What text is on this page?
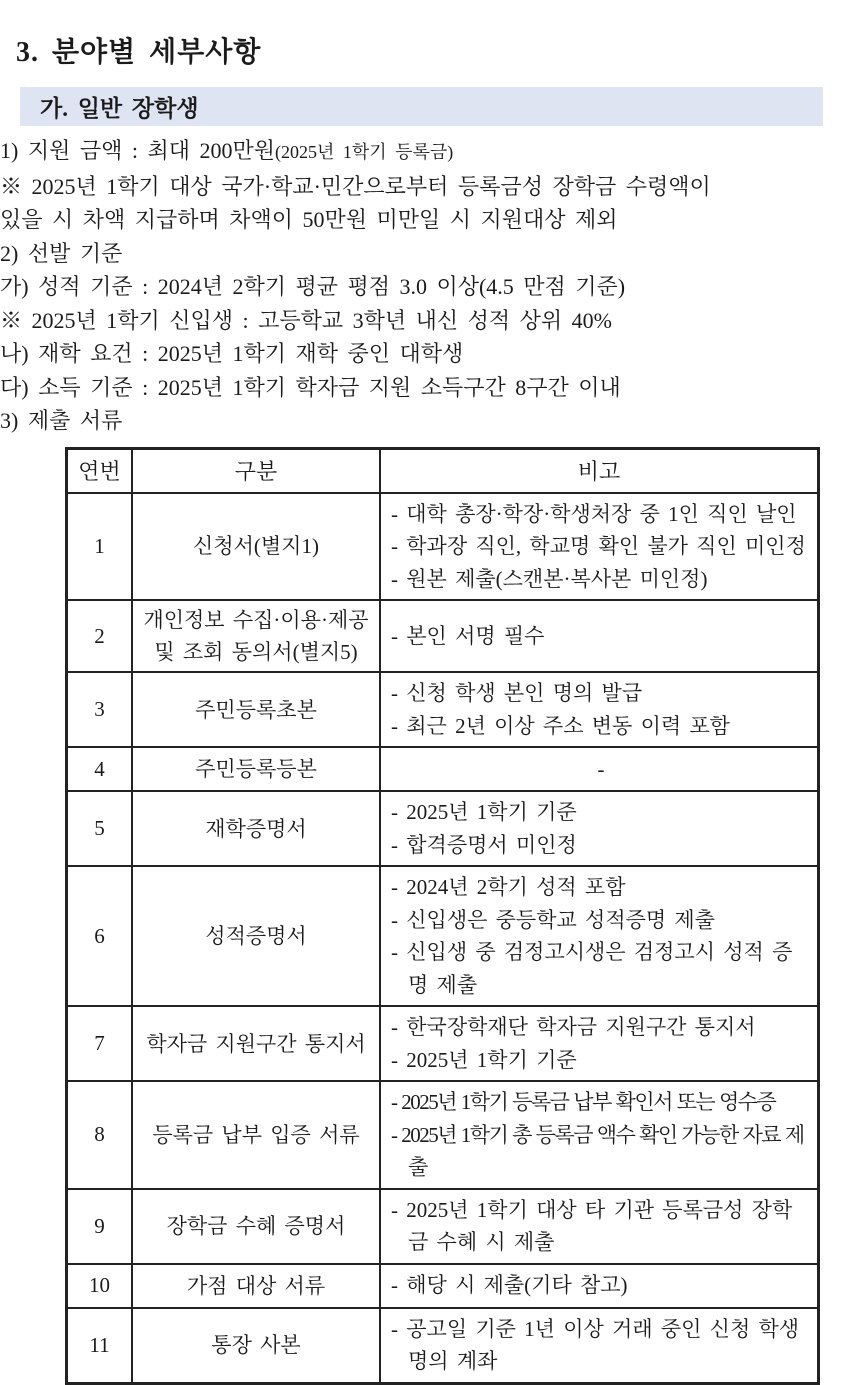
3. 분야별 세부사항
가. 일반 장학생

1) 지원 금액 : 최대 200만원(2025년 1학기 등록금)

※ 2025년 1학기 대상 국가·학교·민간으로부터 등록금성 장학금 수령액이

있을 시 차액 지급하며 차액이 50만원 미만일 시 지원대상 제외

2) 선발 기준

가) 성적 기준 : 2024년 2학기 평균 평점 3.0 이상(4.5 만점 기준)

※ 2025년 1학기 신입생 : 고등학교 3학년 내신 성적 상위 40%

나) 재학 요건 : 2025년 1학기 재학 중인 대학생

다) 소득 기준 : 2025년 1학기 학자금 지원 소득구간 8구간 이내

3) 제출 서류

연번	구분	비고
1	신청서(별지1)	- 대학 총장·학장·학생처장 중 1인 직인 날인
- 학과장 직인, 학교명 확인 불가 직인 미인정
- 원본 제출(스캔본·복사본 미인정)

2	개인정보 수집·이용·제공 및 조회 동의서(별지5)	- 본인 서명 필수

3	주민등록초본	- 신청 학생 본인 명의 발급
- 최근 2년 이상 주소 변동 이력 포함

4	주민등록등본	-

5	재학증명서	- 2025년 1학기 기준
- 합격증명서 미인정

6	성적증명서	- 2024년 2학기 성적 포함
- 신입생은 중등학교 성적증명 제출
- 신입생 중 검정고시생은 검정고시 성적 증명 제출

7	학자금 지원구간 통지서	- 한국장학재단 학자금 지원구간 통지서
- 2025년 1학기 기준

8	등록금 납부 입증 서류	- 2025년 1학기 등록금 납부 확인서 또는 영수증
- 2025년 1학기 총 등록금 액수 확인 가능한 자료 제출

9	장학금 수혜 증명서	- 2025년 1학기 대상 타 기관 등록금성 장학금 수혜 시 제출

10	가점 대상 서류	- 해당 시 제출(기타 참고)

11	통장 사본	- 공고일 기준 1년 이상 거래 중인 신청 학생 명의 계좌
